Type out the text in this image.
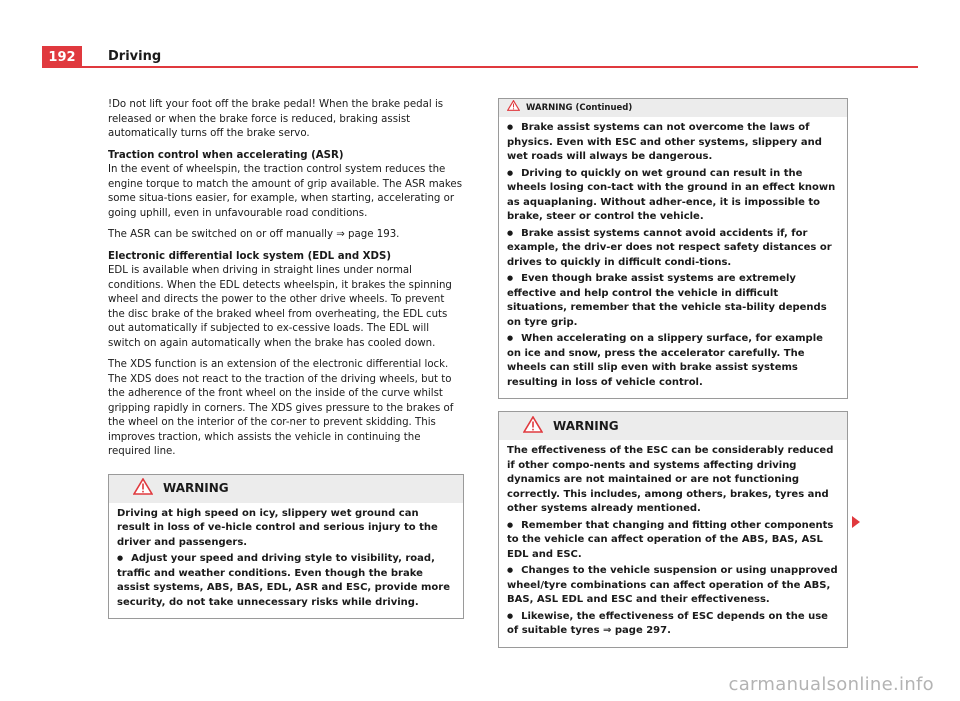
192	Driving

!Do not lift your foot off the brake pedal! When the brake pedal is released or when the brake force is reduced, braking assist automatically turns off the brake servo.

Traction control when accelerating (ASR)

In the event of wheelspin, the traction control system reduces the engine torque to match the amount of grip available. The ASR makes some situa-tions easier, for example, when starting, accelerating or going uphill, even in unfavourable road conditions.

The ASR can be switched on or off manually ⇒ page 193.

Electronic differential lock system (EDL and XDS)

EDL is available when driving in straight lines under normal conditions. When the EDL detects wheelspin, it brakes the spinning wheel and directs the power to the other drive wheels. To prevent the disc brake of the braked wheel from overheating, the EDL cuts out automatically if subjected to ex-cessive loads. The EDL will switch on again automatically when the brake has cooled down.

The XDS function is an extension of the electronic differential lock. The XDS does not react to the traction of the driving wheels, but to the adherence of the front wheel on the inside of the curve whilst gripping rapidly in corners. The XDS gives pressure to the brakes of the wheel on the interior of the cor-ner to prevent skidding. This improves traction, which assists the vehicle in continuing the required line.

WARNING

Driving at high speed on icy, slippery wet ground can result in loss of ve-hicle control and serious injury to the driver and passengers.

● Adjust your speed and driving style to visibility, road, traffic and weather conditions. Even though the brake assist systems, ABS, BAS, EDL, ASR and ESC, provide more security, do not take unnecessary risks while driving.

WARNING (Continued)

● Brake assist systems can not overcome the laws of physics. Even with ESC and other systems, slippery and wet roads will always be dangerous.

● Driving to quickly on wet ground can result in the wheels losing con-tact with the ground in an effect known as aquaplaning. Without adher-ence, it is impossible to brake, steer or control the vehicle.

● Brake assist systems cannot avoid accidents if, for example, the driv-er does not respect safety distances or drives to quickly in difficult condi-tions.

● Even though brake assist systems are extremely effective and help control the vehicle in difficult situations, remember that the vehicle sta-bility depends on tyre grip.

● When accelerating on a slippery surface, for example on ice and snow, press the accelerator carefully. The wheels can still slip even with brake assist systems resulting in loss of vehicle control.

WARNING

The effectiveness of the ESC can be considerably reduced if other compo-nents and systems affecting driving dynamics are not maintained or are not functioning correctly. This includes, among others, brakes, tyres and other systems already mentioned.

● Remember that changing and fitting other components to the vehicle can affect operation of the ABS, BAS, ASL EDL and ESC.

● Changes to the vehicle suspension or using unapproved wheel/tyre combinations can affect operation of the ABS, BAS, ASL EDL and ESC and their effectiveness.

● Likewise, the effectiveness of ESC depends on the use of suitable tyres ⇒ page 297.

carmanualsonline.info
